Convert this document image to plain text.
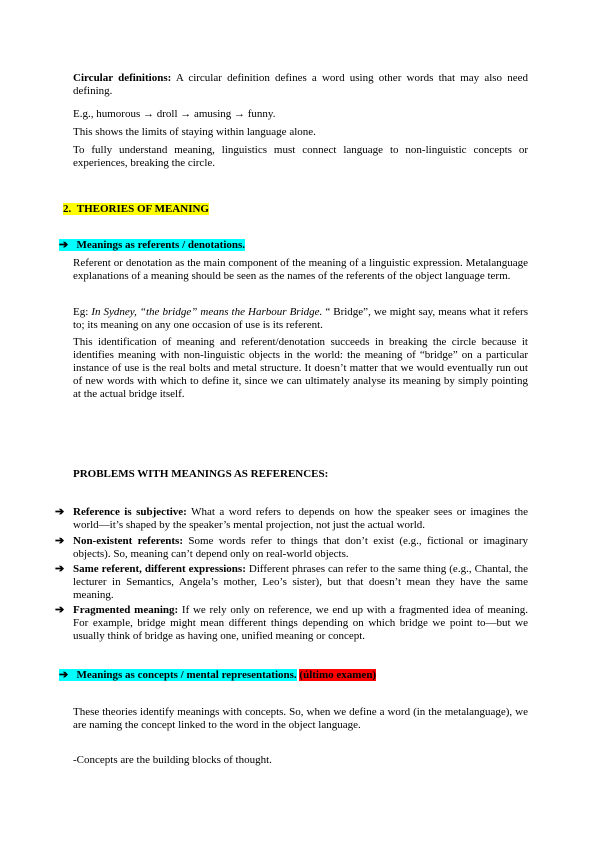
Circular definitions: A circular definition defines a word using other words that may also need defining.
E.g., humorous → droll → amusing → funny.
This shows the limits of staying within language alone.
To fully understand meaning, linguistics must connect language to non-linguistic concepts or experiences, breaking the circle.
2. THEORIES OF MEANING
➔ Meanings as referents / denotations.
Referent or denotation as the main component of the meaning of a linguistic expression. Metalanguage explanations of a meaning should be seen as the names of the referents of the object language term.
Eg: In Sydney, “the bridge” means the Harbour Bridge. “ Bridge”, we might say, means what it refers to; its meaning on any one occasion of use is its referent.
This identification of meaning and referent/denotation succeeds in breaking the circle because it identifies meaning with non-linguistic objects in the world: the meaning of “bridge” on a particular instance of use is the real bolts and metal structure. It doesn’t matter that we would eventually run out of new words with which to define it, since we can ultimately analyse its meaning by simply pointing at the actual bridge itself.
PROBLEMS WITH MEANINGS AS REFERENCES:
➔ Reference is subjective: What a word refers to depends on how the speaker sees or imagines the world—it’s shaped by the speaker’s mental projection, not just the actual world.
➔ Non-existent referents: Some words refer to things that don’t exist (e.g., fictional or imaginary objects). So, meaning can’t depend only on real-world objects.
➔ Same referent, different expressions: Different phrases can refer to the same thing (e.g., Chantal, the lecturer in Semantics, Angela’s mother, Leo’s sister), but that doesn’t mean they have the same meaning.
➔ Fragmented meaning: If we rely only on reference, we end up with a fragmented idea of meaning. For example, bridge might mean different things depending on which bridge we point to—but we usually think of bridge as having one, unified meaning or concept.
➔ Meanings as concepts / mental representations. (último examen)
These theories identify meanings with concepts. So, when we define a word (in the metalanguage), we are naming the concept linked to the word in the object language.
-Concepts are the building blocks of thought.
